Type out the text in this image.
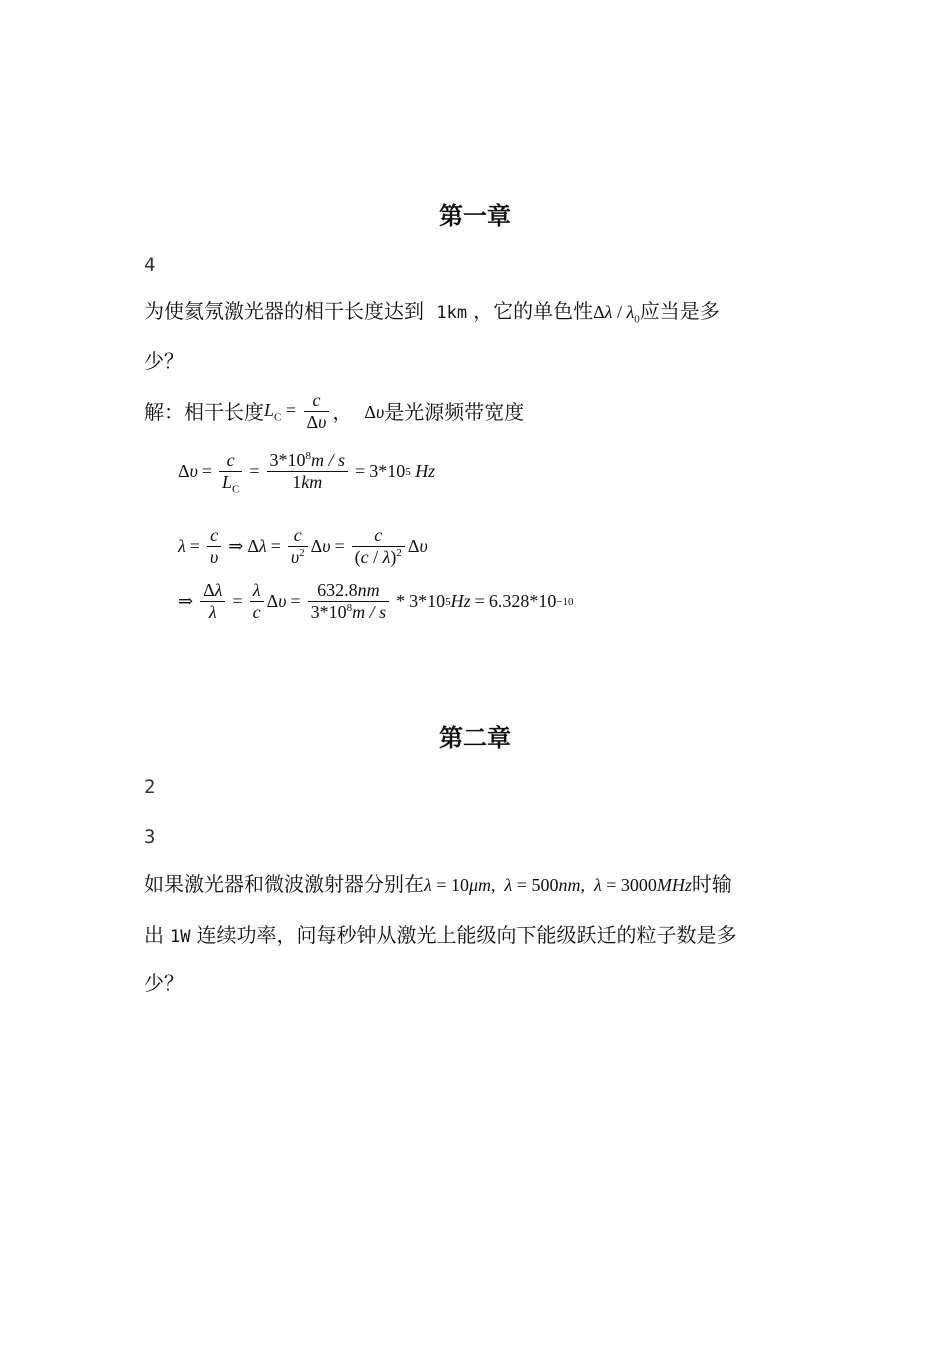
第一章
4
为使氦氖激光器的相干长度达到 1km ，它的单色性Δλ / $\lambda_0$应当是多
少？
解：相干长度 $L_C = \frac{c}{\Delta\upsilon}$ ， Δυ 是光源频带宽度
$\Delta\upsilon = \frac{c}{L_C} = \frac{3*10^8m / s}{1km} = 3*10$ 5
Hz
$\lambda = \frac{c}{\upsilon}$ ⇒ $\Delta\lambda = \frac{c}{\upsilon^2}$ $\Delta\upsilon = \frac{c}{(c / \lambda)^2}$ Δυ
⇒ $\frac{\Delta\lambda}{\lambda} = \frac{\lambda}{c}$ $\Delta\upsilon = \frac{632.8nm}{3*10^8m / s} * 3*10$ 5 Hz = 6.328*10 −10
第二章
2
3
如果激光器和微波激射器分别在λ = 10μm,  λ = 500nm,  λ = 3000MHz时输
出 1W 连续功率，问每秒钟从激光上能级向下能级跃迁的粒子数是多
少？
